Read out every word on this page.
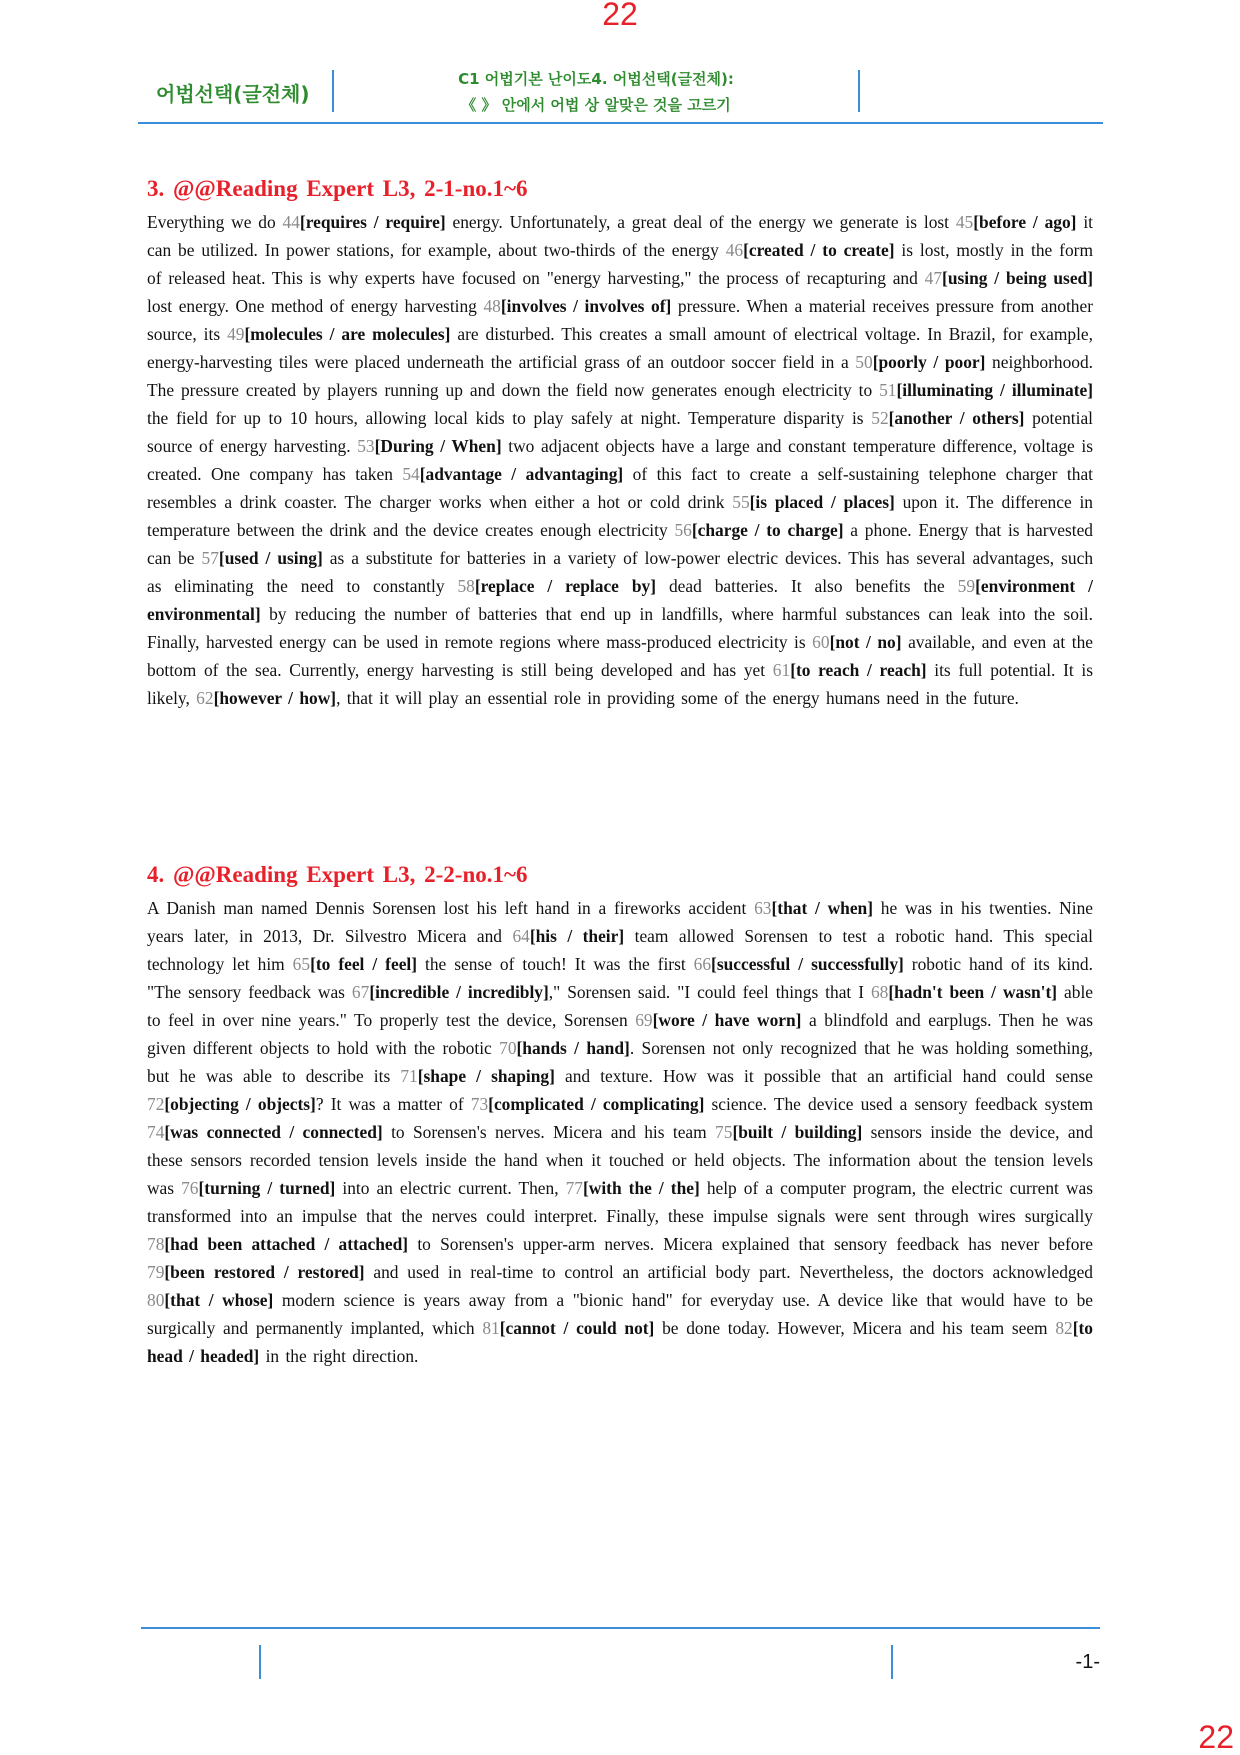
22
어법선택(글전체)
C1 어법기본 난이도4. 어법선택(글전체):
《 》 안에서 어법 상 알맞은 것을 고르기
3. @@Reading Expert L3, 2-1-no.1~6
Everything we do 44[requires / require] energy. Unfortunately, a great deal of the energy we generate is lost 45[before / ago] it can be utilized. In power stations, for example, about two-thirds of the energy 46[created / to create] is lost, mostly in the form of released heat. This is why experts have focused on "energy harvesting," the process of recapturing and 47[using / being used] lost energy. One method of energy harvesting 48[involves / involves of] pressure. When a material receives pressure from another source, its 49[molecules / are molecules] are disturbed. This creates a small amount of electrical voltage. In Brazil, for example, energy-harvesting tiles were placed underneath the artificial grass of an outdoor soccer field in a 50[poorly / poor] neighborhood. The pressure created by players running up and down the field now generates enough electricity to 51[illuminating / illuminate] the field for up to 10 hours, allowing local kids to play safely at night. Temperature disparity is 52[another / others] potential source of energy harvesting. 53[During / When] two adjacent objects have a large and constant temperature difference, voltage is created. One company has taken 54[advantage / advantaging] of this fact to create a self-sustaining telephone charger that resembles a drink coaster. The charger works when either a hot or cold drink 55[is placed / places] upon it. The difference in temperature between the drink and the device creates enough electricity 56[charge / to charge] a phone. Energy that is harvested can be 57[used / using] as a substitute for batteries in a variety of low-power electric devices. This has several advantages, such as eliminating the need to constantly 58[replace / replace by] dead batteries. It also benefits the 59[environment / environmental] by reducing the number of batteries that end up in landfills, where harmful substances can leak into the soil. Finally, harvested energy can be used in remote regions where mass-produced electricity is 60[not / no] available, and even at the bottom of the sea. Currently, energy harvesting is still being developed and has yet 61[to reach / reach] its full potential. It is likely, 62[however / how], that it will play an essential role in providing some of the energy humans need in the future.
4. @@Reading Expert L3, 2-2-no.1~6
A Danish man named Dennis Sorensen lost his left hand in a fireworks accident 63[that / when] he was in his twenties. Nine years later, in 2013, Dr. Silvestro Micera and 64[his / their] team allowed Sorensen to test a robotic hand. This special technology let him 65[to feel / feel] the sense of touch! It was the first 66[successful / successfully] robotic hand of its kind. "The sensory feedback was 67[incredible / incredibly]," Sorensen said. "I could feel things that I 68[hadn't been / wasn't] able to feel in over nine years." To properly test the device, Sorensen 69[wore / have worn] a blindfold and earplugs. Then he was given different objects to hold with the robotic 70[hands / hand]. Sorensen not only recognized that he was holding something, but he was able to describe its 71[shape / shaping] and texture. How was it possible that an artificial hand could sense 72[objecting / objects]? It was a matter of 73[complicated / complicating] science. The device used a sensory feedback system 74[was connected / connected] to Sorensen's nerves. Micera and his team 75[built / building] sensors inside the device, and these sensors recorded tension levels inside the hand when it touched or held objects. The information about the tension levels was 76[turning / turned] into an electric current. Then, 77[with the / the] help of a computer program, the electric current was transformed into an impulse that the nerves could interpret. Finally, these impulse signals were sent through wires surgically 78[had been attached / attached] to Sorensen's upper-arm nerves. Micera explained that sensory feedback has never before 79[been restored / restored] and used in real-time to control an artificial body part. Nevertheless, the doctors acknowledged 80[that / whose] modern science is years away from a "bionic hand" for everyday use. A device like that would have to be surgically and permanently implanted, which 81[cannot / could not] be done today. However, Micera and his team seem 82[to head / headed] in the right direction.
-1-
22
